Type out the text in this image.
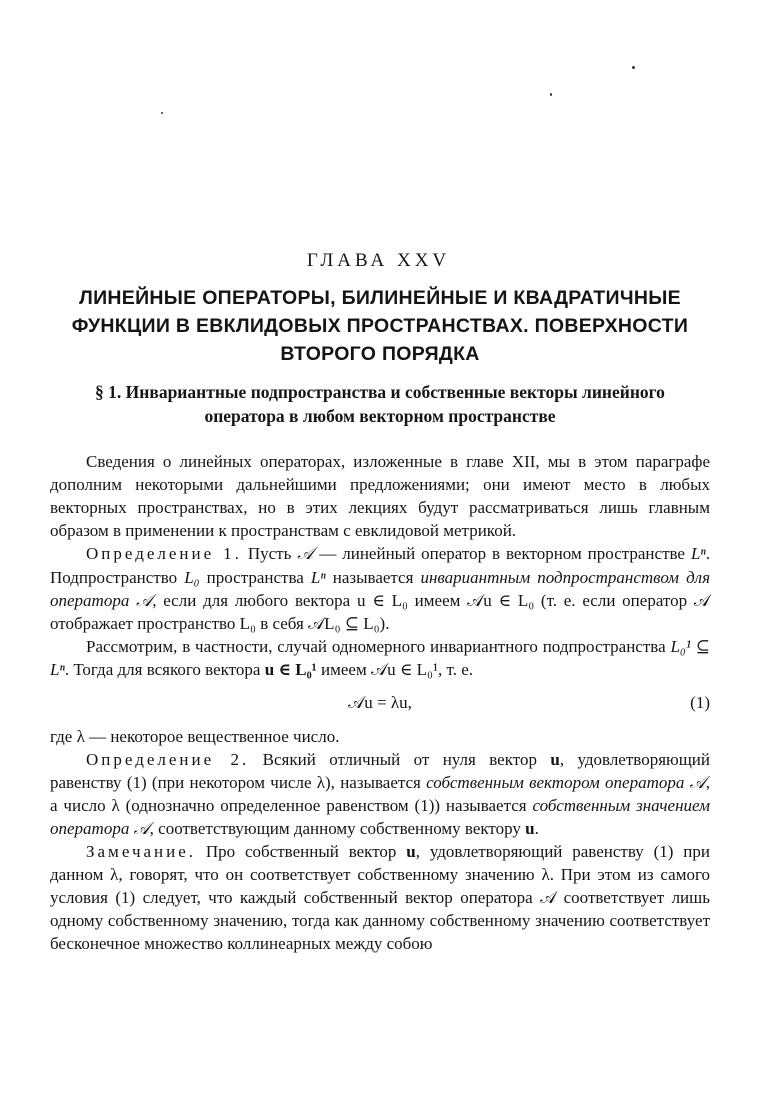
ГЛАВА XXV
ЛИНЕЙНЫЕ ОПЕРАТОРЫ, БИЛИНЕЙНЫЕ И КВАДРАТИЧНЫЕ ФУНКЦИИ В ЕВКЛИДОВЫХ ПРОСТРАНСТВАХ. ПОВЕРХНОСТИ ВТОРОГО ПОРЯДКА
§ 1. Инвариантные подпространства и собственные векторы линейного оператора в любом векторном пространстве

Сведения о линейных операторах, изложенные в главе XII, мы в этом параграфе дополним некоторыми дальнейшими предложениями; они имеют место в любых векторных пространствах, но в этих лекциях будут рассматриваться лишь главным образом в применении к пространствам с евклидовой метрикой.

Определение 1. Пусть 𝒜 — линейный оператор в векторном пространстве Lⁿ. Подпространство L₀ пространства Lⁿ называется инвариантным подпространством для оператора 𝒜, если для любого вектора u ∈ L₀ имеем 𝒜u ∈ L₀ (т. е. если оператор 𝒜 отображает пространство L₀ в себя 𝒜L₀ ⊆ L₀).

Рассмотрим, в частности, случай одномерного инвариантного подпространства L₀¹ ⊆ Lⁿ. Тогда для всякого вектора u ∈ L₀¹ имеем 𝒜u ∈ L₀¹, т. е.

𝒜u = λu,	(1)

где λ — некоторое вещественное число.

Определение 2. Всякий отличный от нуля вектор u, удовлетворяющий равенству (1) (при некотором числе λ), называется собственным вектором оператора 𝒜, а число λ (однозначно определенное равенством (1)) называется собственным значением оператора 𝒜, соответствующим данному собственному вектору u.

Замечание. Про собственный вектор u, удовлетворяющий равенству (1) при данном λ, говорят, что он соответствует собственному значению λ. При этом из самого условия (1) следует, что каждый собственный вектор оператора 𝒜 соответствует лишь одному собственному значению, тогда как данному собственному значению соответствует бесконечное множество коллинеарных между собою
